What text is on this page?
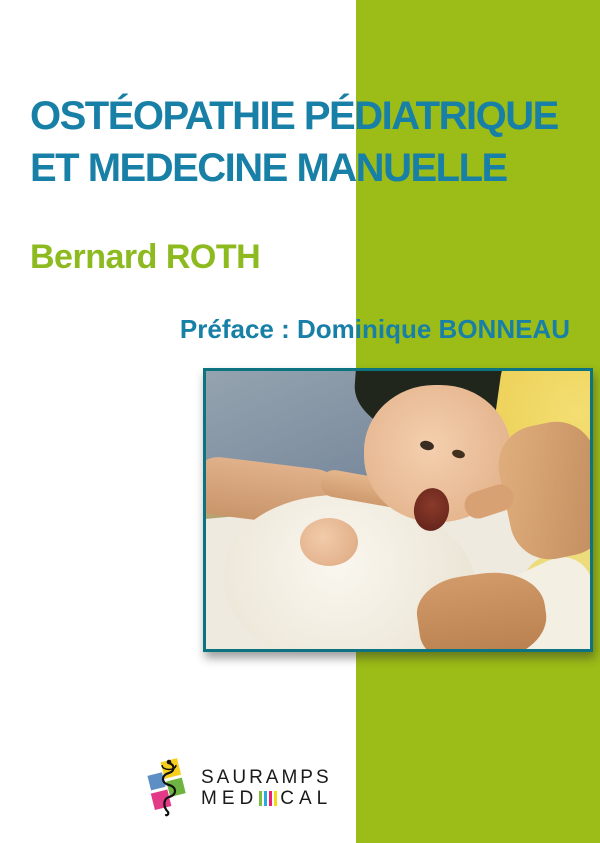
OSTÉOPATHIE PÉDIATRIQUE
ET MEDECINE MANUELLE
Bernard ROTH
Préface : Dominique BONNEAU
SAURAMPS
MED CAL
